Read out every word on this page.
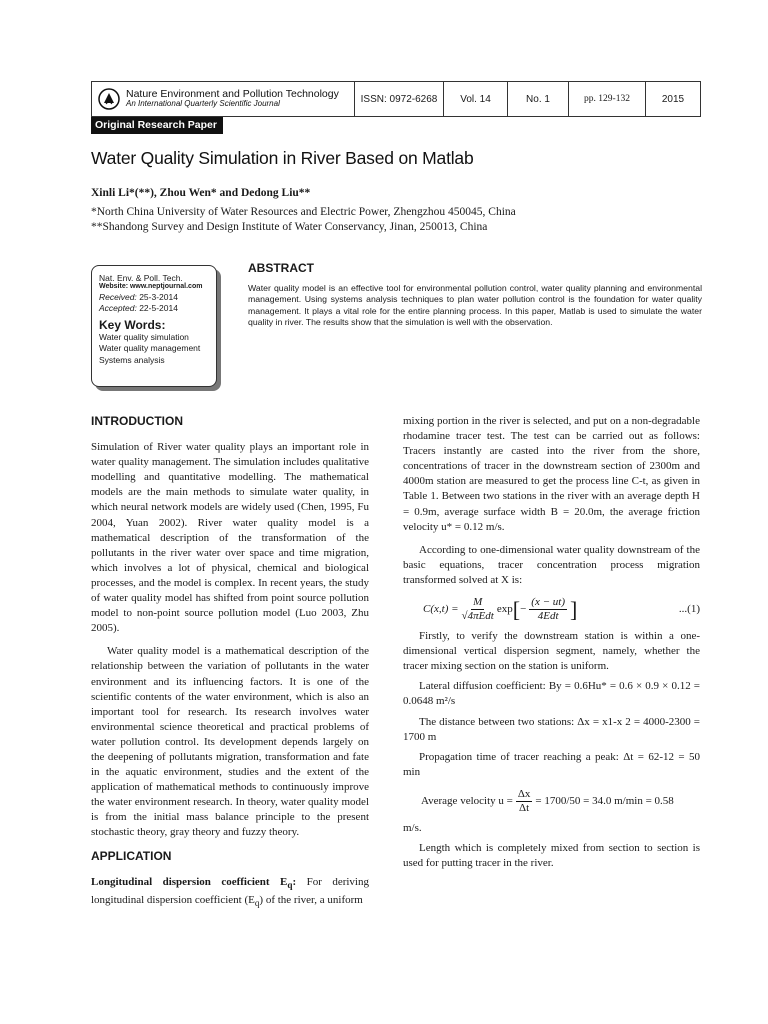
Nature Environment and Pollution Technology
An International Quarterly Scientific Journal	ISSN: 0972-6268	Vol. 14	No. 1	pp. 129-132	2015
Original Research Paper
Water Quality Simulation in River Based on Matlab
Xinli Li*(**), Zhou Wen* and Dedong Liu**
*North China University of Water Resources and Electric Power, Zhengzhou 450045, China
**Shandong Survey and Design Institute of Water Conservancy, Jinan, 250013, China
Nat. Env. & Poll. Tech.
Website: www.neptjournal.com
Received: 25-3-2014
Accepted: 22-5-2014
Key Words:
Water quality simulation
Water quality management
Systems analysis
ABSTRACT
Water quality model is an effective tool for environmental pollution control, water quality planning and environmental management. Using systems analysis techniques to plan water pollution control is the foundation for water quality management. It plays a vital role for the entire planning process. In this paper, Matlab is used to simulate the water quality in river. The results show that the simulation is well with the observation.
INTRODUCTION

Simulation of River water quality plays an important role in water quality management. The simulation includes qualitative modelling and quantitative modelling. The mathematical models are the main methods to simulate water quality, in which neural network models are widely used (Chen, 1995, Fu 2004, Yuan 2002). River water quality model is a mathematical description of the transformation of the pollutants in the river water over space and time migration, which involves a lot of physical, chemical and biological processes, and the model is complex. In recent years, the study of water quality model has shifted from point source pollution model to non-point source pollution model (Luo 2003, Zhu 2005).

Water quality model is a mathematical description of the relationship between the variation of pollutants in the water environment and its influencing factors. It is one of the scientific contents of the water environment, which is also an important tool for research. Its research involves water environmental science theoretical and practical problems of water pollution control. Its development depends largely on the deepening of pollutants migration, transformation and fate in the aquatic environment, studies and the extent of the application of mathematical methods to continuously improve the water environment research. In theory, water quality model is from the initial mass balance principle to the present stochastic theory, gray theory and fuzzy theory.

APPLICATION

Longitudinal dispersion coefficient $E_q$: For deriving longitudinal dispersion coefficient $(E_q)$ of the river, a uniform

mixing portion in the river is selected, and put on a non-degradable rhodamine tracer test. The test can be carried out as follows: Tracers instantly are casted into the river from the shore, concentrations of tracer in the downstream section of 2300m and 4000m station are measured to get the process line C-t, as given in Table 1. Between two stations in the river with an average depth H = 0.9m, average surface width B = 20.0m, the average friction velocity u* = 0.12 m/s.

According to one-dimensional water quality downstream of the basic equations, tracer concentration process migration transformed solved at X is:

$C(x,t) = \frac{M}{\text{√4πEdt}}$ exp [ − $\frac{(x - ut)}{\text{4Edt}}$ ]	...(1)

Firstly, to verify the downstream station is within a one-dimensional vertical dispersion segment, namely, whether the tracer mixing section on the station is uniform.

Lateral diffusion coefficient: By = 0.6Hu* = 0.6 × 0.9 × 0.12 = 0.0648 m²/s

The distance between two stations: Δx = x1-x 2 = 4000-2300 = 1700 m

Propagation time of tracer reaching a peak: Δt = 62-12 = 50 min

Average velocity $u = \frac{\Delta x}{\Delta t} = 1700/50 = 34.0$ m/min = 0.58

m/s.

Length which is completely mixed from section to section is used for putting tracer in the river.
